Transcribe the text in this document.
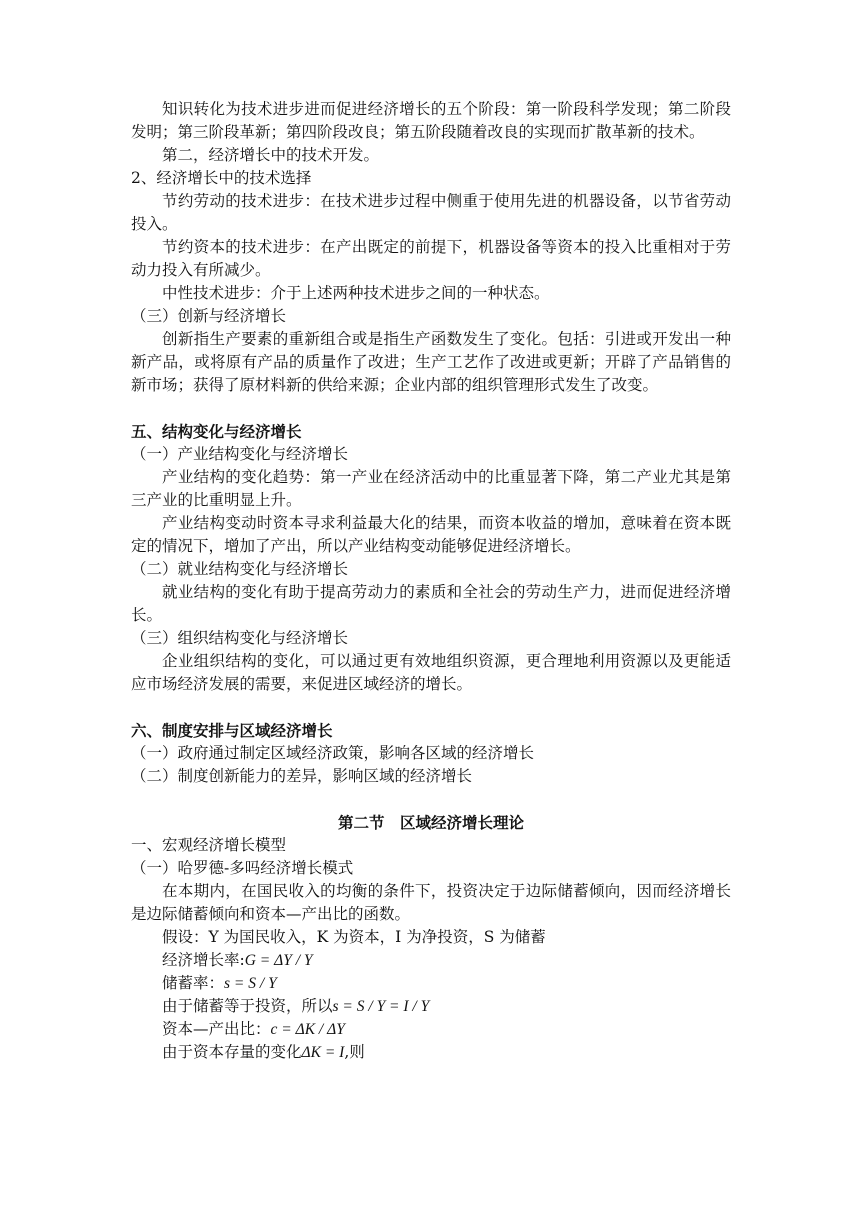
知识转化为技术进步进而促进经济增长的五个阶段：第一阶段科学发现；第二阶段发明；第三阶段革新；第四阶段改良；第五阶段随着改良的实现而扩散革新的技术。

第二，经济增长中的技术开发。

2、经济增长中的技术选择

节约劳动的技术进步：在技术进步过程中侧重于使用先进的机器设备，以节省劳动投入。

节约资本的技术进步：在产出既定的前提下，机器设备等资本的投入比重相对于劳动力投入有所减少。

中性技术进步：介于上述两种技术进步之间的一种状态。

（三）创新与经济增长

创新指生产要素的重新组合或是指生产函数发生了变化。包括：引进或开发出一种新产品，或将原有产品的质量作了改进；生产工艺作了改进或更新；开辟了产品销售的新市场；获得了原材料新的供给来源；企业内部的组织管理形式发生了改变。

五、结构变化与经济增长

（一）产业结构变化与经济增长

产业结构的变化趋势：第一产业在经济活动中的比重显著下降，第二产业尤其是第三产业的比重明显上升。

产业结构变动时资本寻求利益最大化的结果，而资本收益的增加，意味着在资本既定的情况下，增加了产出，所以产业结构变动能够促进经济增长。

（二）就业结构变化与经济增长

就业结构的变化有助于提高劳动力的素质和全社会的劳动生产力，进而促进经济增长。

（三）组织结构变化与经济增长

企业组织结构的变化，可以通过更有效地组织资源，更合理地利用资源以及更能适应市场经济发展的需要，来促进区域经济的增长。

六、制度安排与区域经济增长

（一）政府通过制定区域经济政策，影响各区域的经济增长

（二）制度创新能力的差异，影响区域的经济增长

第二节　区域经济增长理论

一、宏观经济增长模型

（一）哈罗德-多吗经济增长模式

在本期内，在国民收入的均衡的条件下，投资决定于边际储蓄倾向，因而经济增长是边际储蓄倾向和资本—产出比的函数。

假设：Y 为国民收入，K 为资本，I 为净投资，S 为储蓄

经济增长率:G = ΔY / Y

储蓄率：s = S / Y

由于储蓄等于投资，所以s = S / Y = I / Y

资本—产出比：c = ΔK / ΔY

由于资本存量的变化ΔK = I,则
